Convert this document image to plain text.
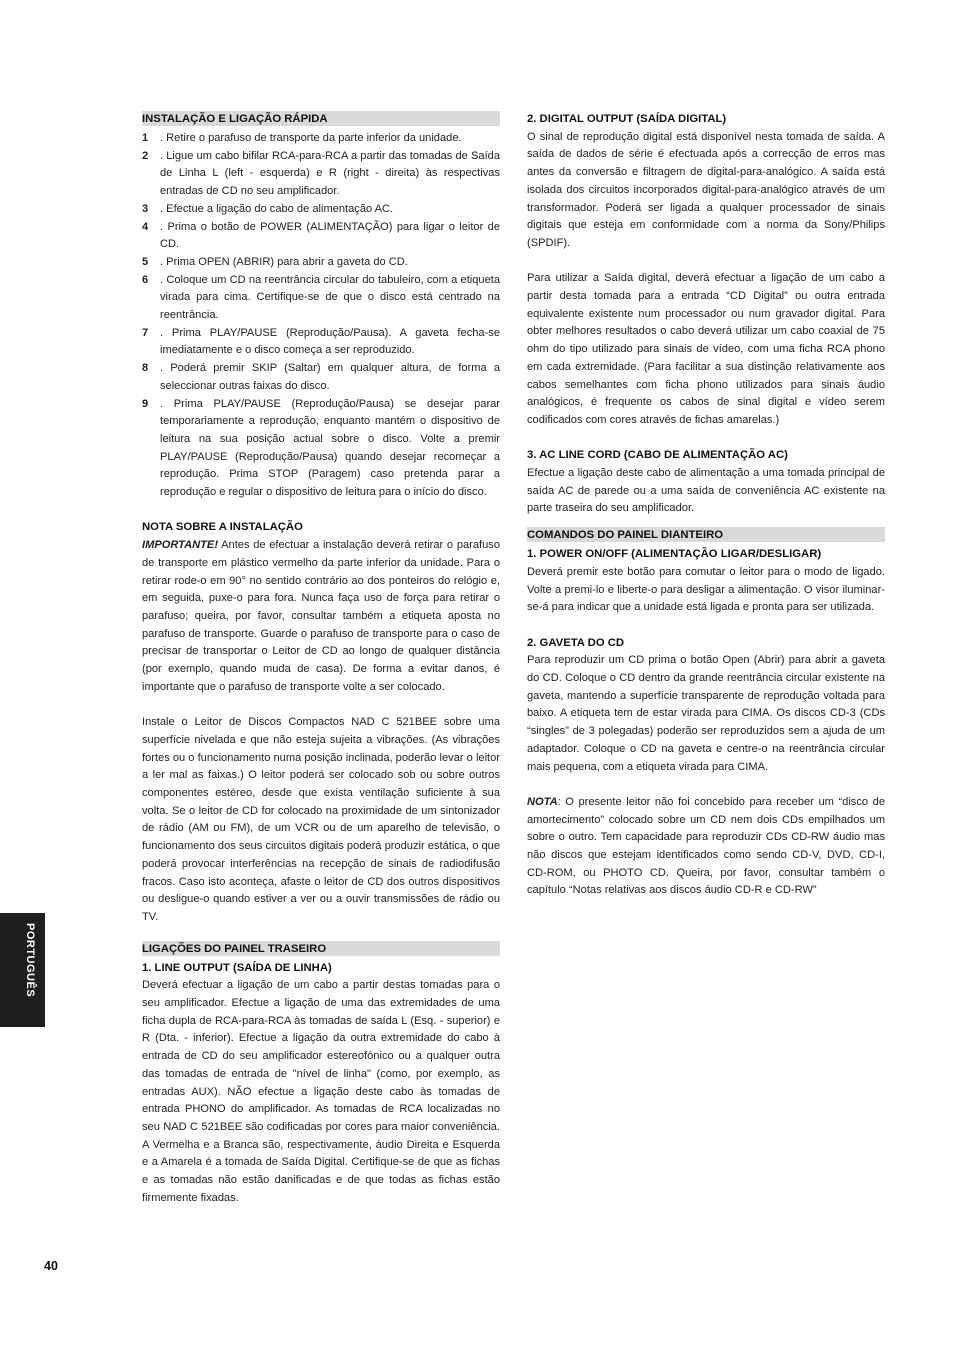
INSTALAÇÃO E LIGAÇÃO RÁPIDA
1 . Retire o parafuso de transporte da parte inferior da unidade.
2 . Ligue um cabo bifilar RCA-para-RCA a partir das tomadas de Saída de Linha L (left - esquerda) e R (right - direita) às respectivas entradas de CD no seu amplificador.
3 . Efectue a ligação do cabo de alimentação AC.
4 . Prima o botão de POWER (ALIMENTAÇÃO) para ligar o leitor de CD.
5 . Prima OPEN (ABRIR) para abrir a gaveta do CD.
6 . Coloque um CD na reentrância circular do tabuleiro, com a etiqueta virada para cima. Certifique-se de que o disco está centrado na reentrância.
7 . Prima PLAY/PAUSE (Reprodução/Pausa). A gaveta fecha-se imediatamente e o disco começa a ser reproduzido.
8 . Poderá premir SKIP (Saltar) em qualquer altura, de forma a seleccionar outras faixas do disco.
9 . Prima PLAY/PAUSE (Reprodução/Pausa) se desejar parar temporariamente a reprodução, enquanto mantém o dispositivo de leitura na sua posição actual sobre o disco. Volte a premir PLAY/PAUSE (Reprodução/Pausa) quando desejar recomeçar a reprodução. Prima STOP (Paragem) caso pretenda parar a reprodução e regular o dispositivo de leitura para o início do disco.
NOTA SOBRE A INSTALAÇÃO

IMPORTANTE! Antes de efectuar a instalação deverá retirar o parafuso de transporte em plástico vermelho da parte inferior da unidade. Para o retirar rode-o em 90° no sentido contrário ao dos ponteiros do relógio e, em seguida, puxe-o para fora. Nunca faça uso de força para retirar o parafuso; queira, por favor, consultar também a etiqueta aposta no parafuso de transporte. Guarde o parafuso de transporte para o caso de precisar de transportar o Leitor de CD ao longo de qualquer distância (por exemplo, quando muda de casa). De forma a evitar danos, é importante que o parafuso de transporte volte a ser colocado.

Instale o Leitor de Discos Compactos NAD C 521BEE sobre uma superfície nivelada e que não esteja sujeita a vibrações. (As vibrações fortes ou o funcionamento numa posição inclinada, poderão levar o leitor a ler mal as faixas.) O leitor poderá ser colocado sob ou sobre outros componentes estéreo, desde que exista ventilação suficiente à sua volta. Se o leitor de CD for colocado na proximidade de um sintonizador de rádio (AM ou FM), de um VCR ou de um aparelho de televisão, o funcionamento dos seus circuitos digitais poderá produzir estática, o que poderá provocar interferências na recepção de sinais de radiodifusão fracos. Caso isto aconteça, afaste o leitor de CD dos outros dispositivos ou desligue-o quando estiver a ver ou a ouvir transmissões de rádio ou TV.

LIGAÇÕES DO PAINEL TRASEIRO
1. LINE OUTPUT (SAÍDA DE LINHA)

Deverá efectuar a ligação de um cabo a partir destas tomadas para o seu amplificador. Efectue a ligação de uma das extremidades de uma ficha dupla de RCA-para-RCA às tomadas de saída L (Esq. - superior) e R (Dta. - inferior). Efectue a ligação da outra extremidade do cabo à entrada de CD do seu amplificador estereofónico ou a qualquer outra das tomadas de entrada de "nível de linha" (como, por exemplo, as entradas AUX). NÃO efectue a ligação deste cabo às tomadas de entrada PHONO do amplificador. As tomadas de RCA localizadas no seu NAD C 521BEE são codificadas por cores para maior conveniência. A Vermelha e a Branca são, respectivamente, áudio Direita e Esquerda e a Amarela é a tomada de Saída Digital. Certifique-se de que as fichas e as tomadas não estão danificadas e de que todas as fichas estão firmemente fixadas.

2. DIGITAL OUTPUT (SAÍDA DIGITAL)

O sinal de reprodução digital está disponível nesta tomada de saída. A saída de dados de série é efectuada após a correcção de erros mas antes da conversão e filtragem de digital-para-analógico. A saída está isolada dos circuitos incorporados digital-para-analógico através de um transformador. Poderá ser ligada a qualquer processador de sinais digitais que esteja em conformidade com a norma da Sony/Philips (SPDIF).

Para utilizar a Saída digital, deverá efectuar a ligação de um cabo a partir desta tomada para a entrada “CD Digital” ou outra entrada equivalente existente num processador ou num gravador digital. Para obter melhores resultados o cabo deverá utilizar um cabo coaxial de 75 ohm do tipo utilizado para sinais de vídeo, com uma ficha RCA phono em cada extremidade. (Para facilitar a sua distinção relativamente aos cabos semelhantes com ficha phono utilizados para sinais áudio analógicos, é frequente os cabos de sinal digital e vídeo serem codificados com cores através de fichas amarelas.)

3. AC LINE CORD (CABO DE ALIMENTAÇÃO AC)

Efectue a ligação deste cabo de alimentação a uma tomada principal de saída AC de parede ou a uma saída de conveniência AC existente na parte traseira do seu amplificador.

COMANDOS DO PAINEL DIANTEIRO
1. POWER ON/OFF (ALIMENTAÇÃO LIGAR/DESLIGAR)

Deverá premir este botão para comutar o leitor para o modo de ligado. Volte a premi-lo e liberte-o para desligar a alimentação. O visor iluminar-se-á para indicar que a unidade está ligada e pronta para ser utilizada.

2. GAVETA DO CD

Para reproduzir um CD prima o botão Open (Abrir) para abrir a gaveta do CD. Coloque o CD dentro da grande reentrância circular existente na gaveta, mantendo a superfície transparente de reprodução voltada para baixo. A etiqueta tem de estar virada para CIMA. Os discos CD-3 (CDs “singles” de 3 polegadas) poderão ser reproduzidos sem a ajuda de um adaptador. Coloque o CD na gaveta e centre-o na reentrância circular mais pequena, com a etiqueta virada para CIMA.

NOTA: O presente leitor não foi concebido para receber um “disco de amortecimento” colocado sobre um CD nem dois CDs empilhados um sobre o outro. Tem capacidade para reproduzir CDs CD-RW áudio mas não discos que estejam identificados como sendo CD-V, DVD, CD-I, CD-ROM, ou PHOTO CD. Queira, por favor, consultar também o capítulo “Notas relativas aos discos áudio CD-R e CD-RW”

PORTUGUÊS
40
